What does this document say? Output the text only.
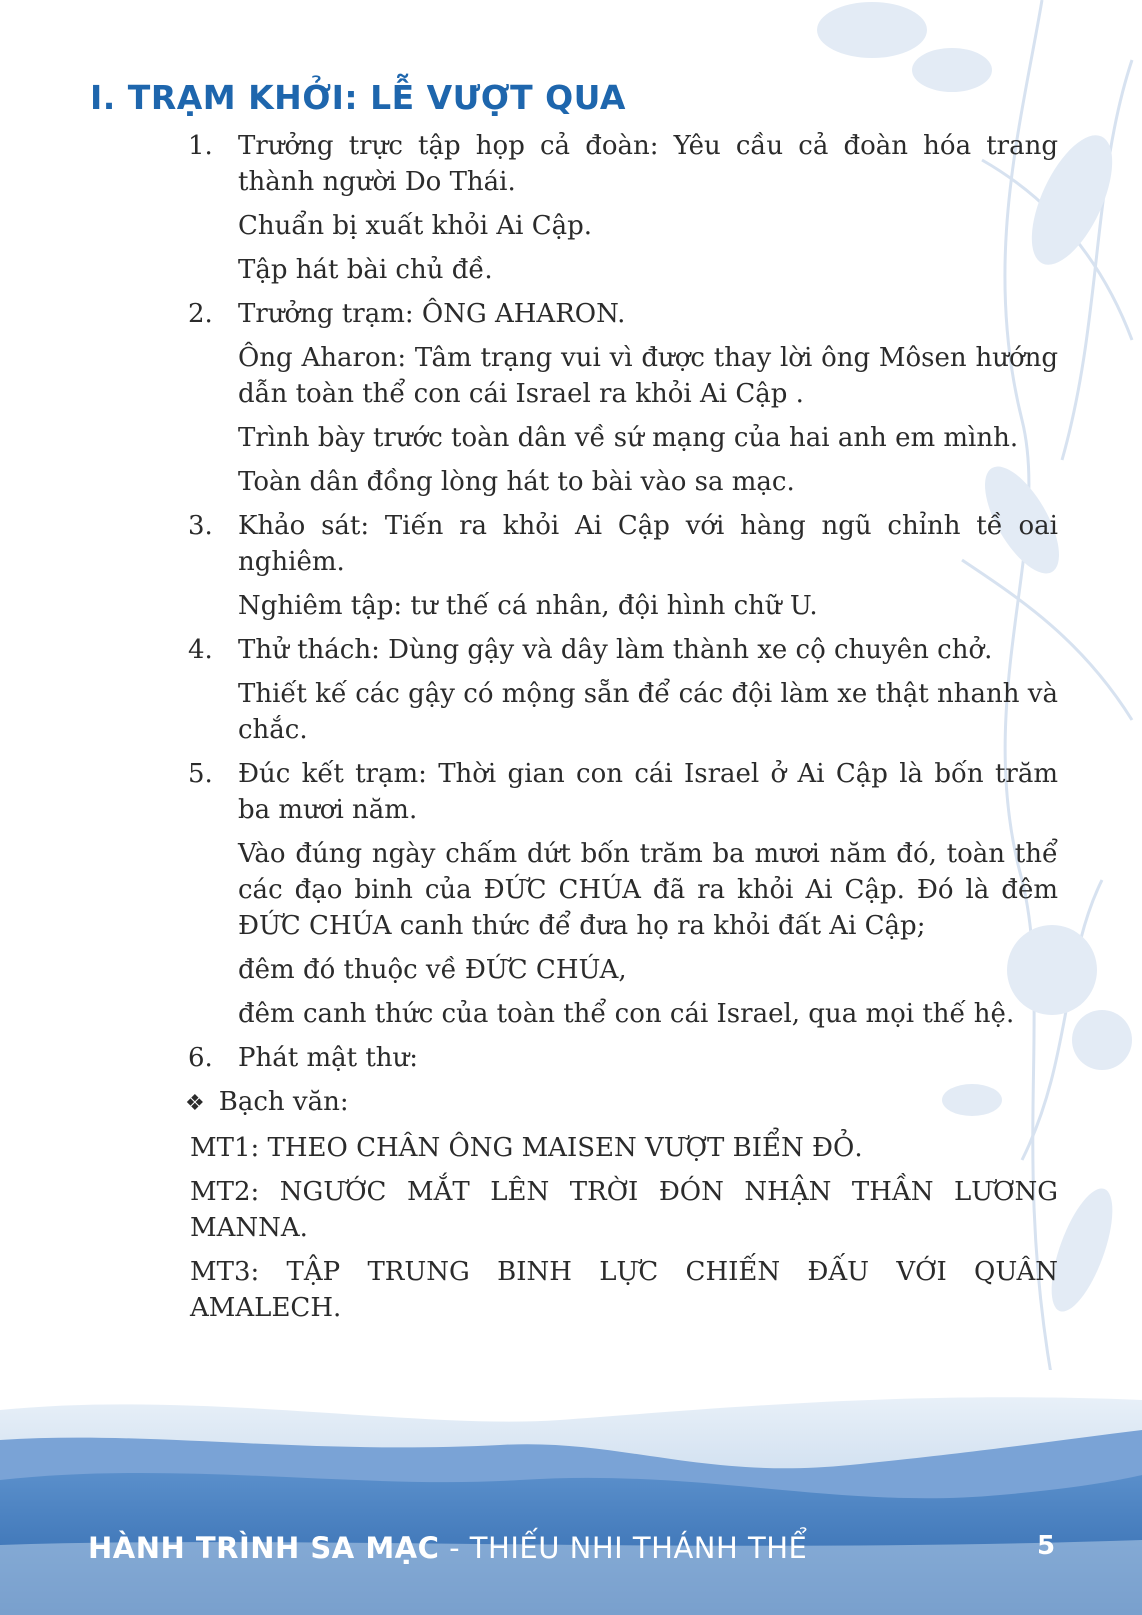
I. TRẠM KHỞI: LỄ VƯỢT QUA
1. Trưởng trực tập họp cả đoàn: Yêu cầu cả đoàn hóa trang thành người Do Thái.

Chuẩn bị xuất khỏi Ai Cập.

Tập hát bài chủ đề.

2. Trưởng trạm: ÔNG AHARON.

Ông Aharon: Tâm trạng vui vì được thay lời ông Môsen hướng dẫn toàn thể con cái Israel ra khỏi Ai Cập .

Trình bày trước toàn dân về sứ mạng của hai anh em mình.

Toàn dân đồng lòng hát to bài vào sa mạc.

3. Khảo sát: Tiến ra khỏi Ai Cập với hàng ngũ chỉnh tề oai nghiêm.

Nghiêm tập: tư thế cá nhân, đội hình chữ U.

4. Thử thách: Dùng gậy và dây làm thành xe cộ chuyên chở.

Thiết kế các gậy có mộng sẵn để các đội làm xe thật nhanh và chắc.

5. Đúc kết trạm: Thời gian con cái Israel ở Ai Cập là bốn trăm ba mươi năm.

Vào đúng ngày chấm dứt bốn trăm ba mươi năm đó, toàn thể các đạo binh của ĐỨC CHÚA đã ra khỏi Ai Cập. Đó là đêm ĐỨC CHÚA canh thức để đưa họ ra khỏi đất Ai Cập;

đêm đó thuộc về ĐỨC CHÚA,

đêm canh thức của toàn thể con cái Israel, qua mọi thế hệ.

6. Phát mật thư:

❖ Bạch văn:

MT1: THEO CHÂN ÔNG MAISEN VƯỢT BIỂN ĐỎ.

MT2: NGƯỚC MẮT LÊN TRỜI ĐÓN NHẬN THẦN LƯƠNG MANNA.

MT3: TẬP TRUNG BINH LỰC CHIẾN ĐẤU VỚI QUÂN AMALECH.

HÀNH TRÌNH SA MẠC - THIẾU NHI THÁNH THỂ	5
